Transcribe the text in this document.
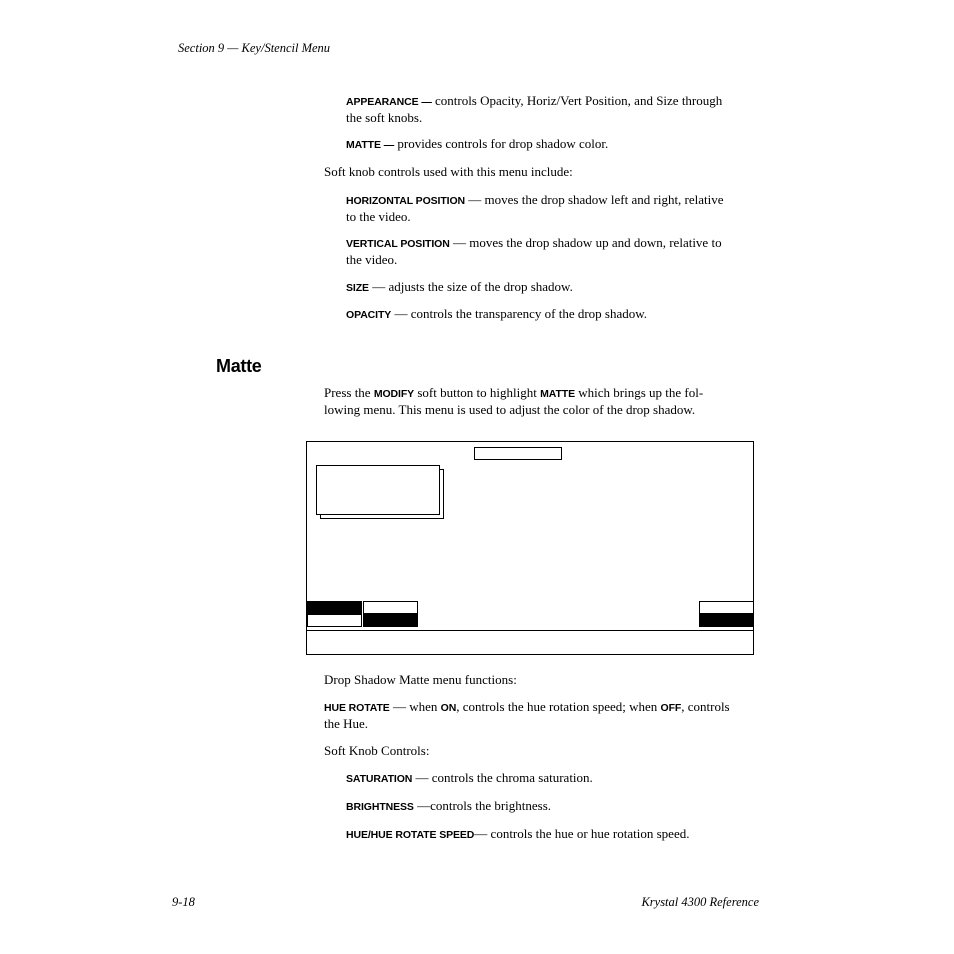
Section 9 — Key/Stencil Menu

APPEARANCE — controls Opacity, Horiz/Vert Position, and Size through

the soft knobs.

MATTE — provides controls for drop shadow color.

Soft knob controls used with this menu include:

HORIZONTAL POSITION — moves the drop shadow left and right, relative

to the video.

VERTICAL POSITION — moves the drop shadow up and down, relative to

the video.

SIZE — adjusts the size of the drop shadow.

OPACITY — controls the transparency of the drop shadow.

Matte

Press the MODIFY soft button to highlight MATTE which brings up the fol-

lowing menu. This menu is used to adjust the color of the drop shadow.

Drop Shadow Matte menu functions:

HUE ROTATE — when ON, controls the hue rotation speed; when OFF, controls

the Hue.

Soft Knob Controls:

SATURATION — controls the chroma saturation.

BRIGHTNESS —controls the brightness.

HUE/HUE ROTATE SPEED— controls the hue or hue rotation speed.

9-18	Krystal 4300 Reference
